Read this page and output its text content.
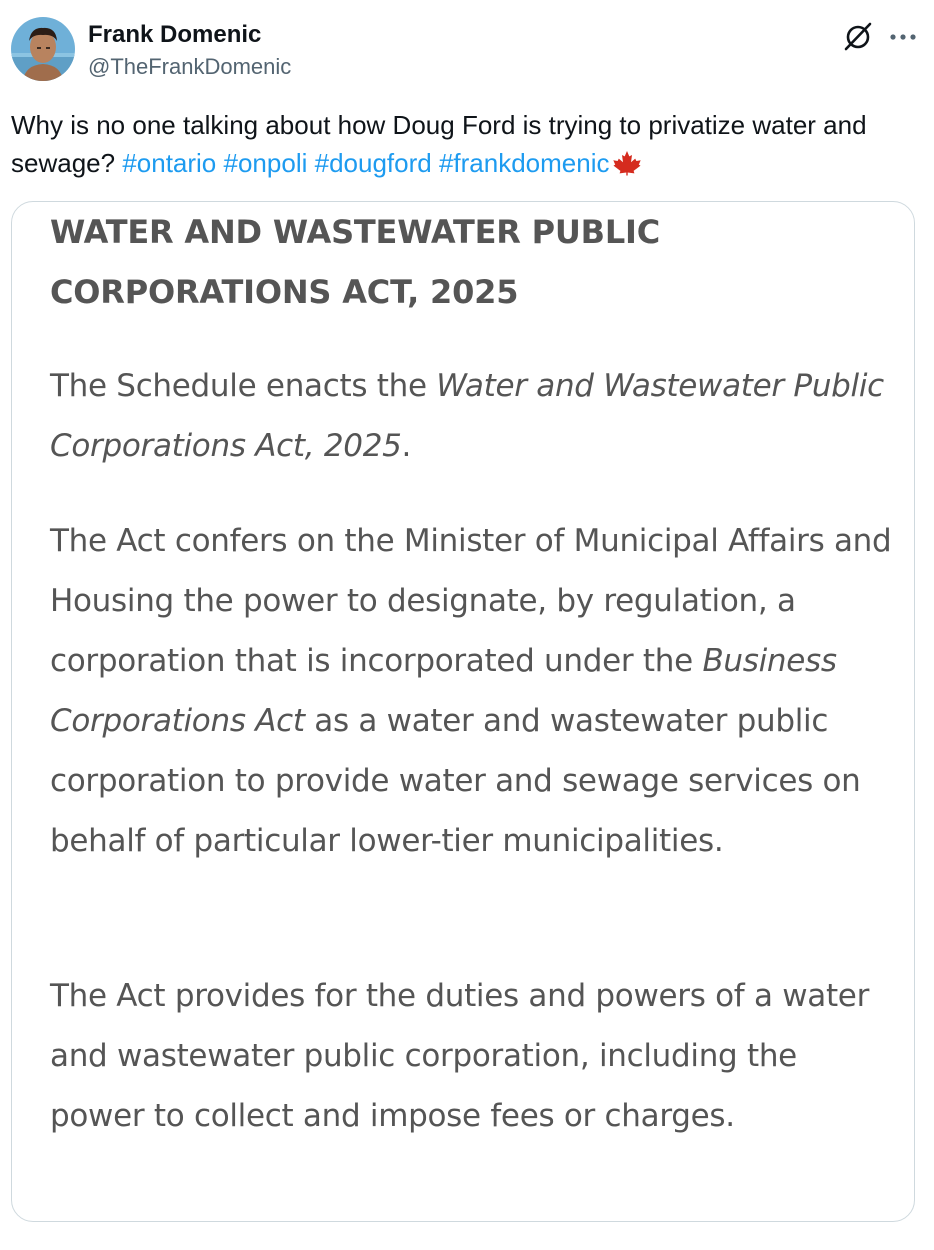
Frank Domenic
@TheFrankDomenic
Why is no one talking about how Doug Ford is trying to privatize water and sewage? #ontario #onpoli #dougford #frankdomenic
WATER AND WASTEWATER PUBLIC CORPORATIONS ACT, 2025
The Schedule enacts the Water and Wastewater Public Corporations Act, 2025.
The Act confers on the Minister of Municipal Affairs and Housing the power to designate, by regulation, a corporation that is incorporated under the Business Corporations Act as a water and wastewater public corporation to provide water and sewage services on behalf of particular lower-tier municipalities.
The Act provides for the duties and powers of a water and wastewater public corporation, including the power to collect and impose fees or charges.
